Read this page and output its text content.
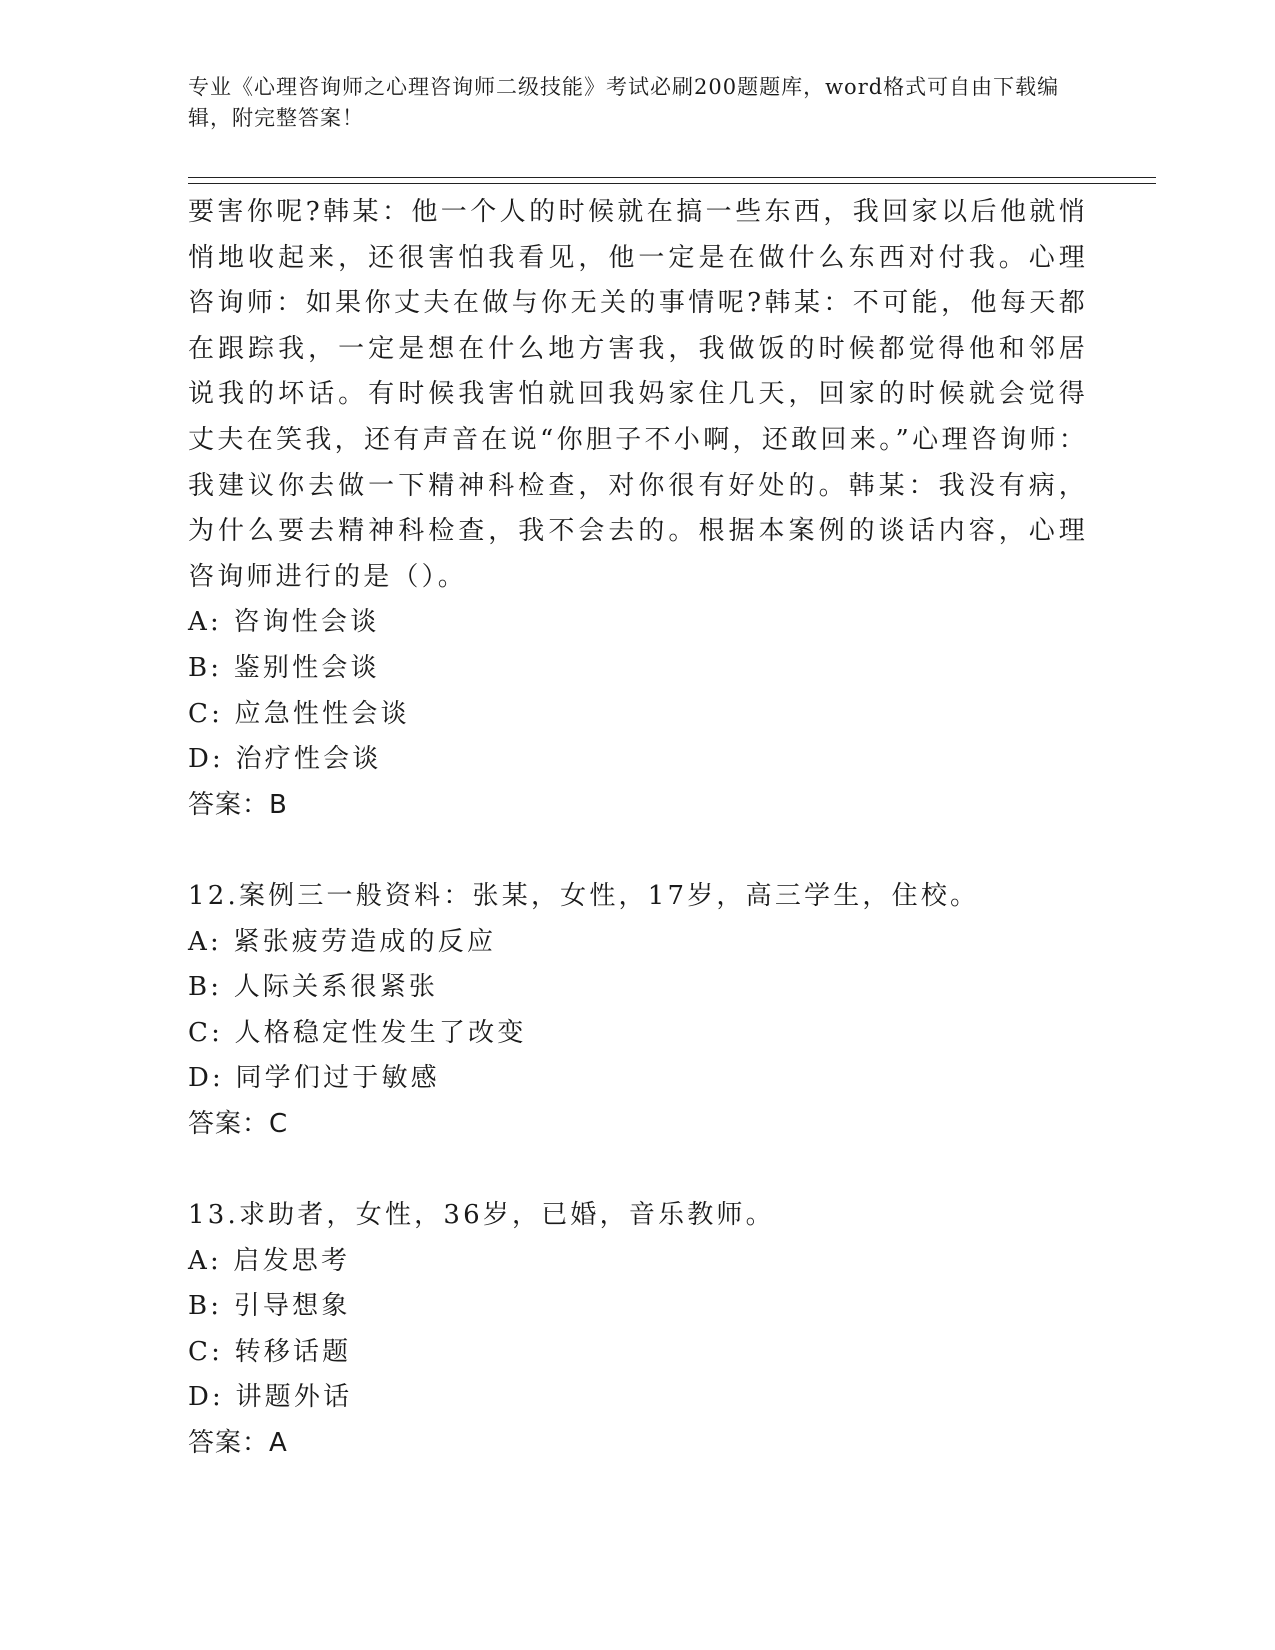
专业《心理咨询师之心理咨询师二级技能》考试必刷200题题库，word格式可自由下载编辑，附完整答案！

要害你呢?韩某：他一个人的时候就在搞一些东西，我回家以后他就悄悄地收起来，还很害怕我看见，他一定是在做什么东西对付我。心理咨询师：如果你丈夫在做与你无关的事情呢?韩某：不可能，他每天都在跟踪我，一定是想在什么地方害我，我做饭的时候都觉得他和邻居说我的坏话。有时候我害怕就回我妈家住几天，回家的时候就会觉得丈夫在笑我，还有声音在说“你胆子不小啊，还敢回来。”心理咨询师：我建议你去做一下精神科检查，对你很有好处的。韩某：我没有病，为什么要去精神科检查，我不会去的。根据本案例的谈话内容，心理咨询师进行的是（）。

A: 咨询性会谈

B: 鉴别性会谈

C: 应急性性会谈

D: 治疗性会谈

答案：B

12.案例三一般资料：张某，女性，17岁，高三学生，住校。

A: 紧张疲劳造成的反应

B: 人际关系很紧张

C: 人格稳定性发生了改变

D: 同学们过于敏感

答案：C

13.求助者，女性，36岁，已婚，音乐教师。

A: 启发思考

B: 引导想象

C: 转移话题

D: 讲题外话

答案：A
